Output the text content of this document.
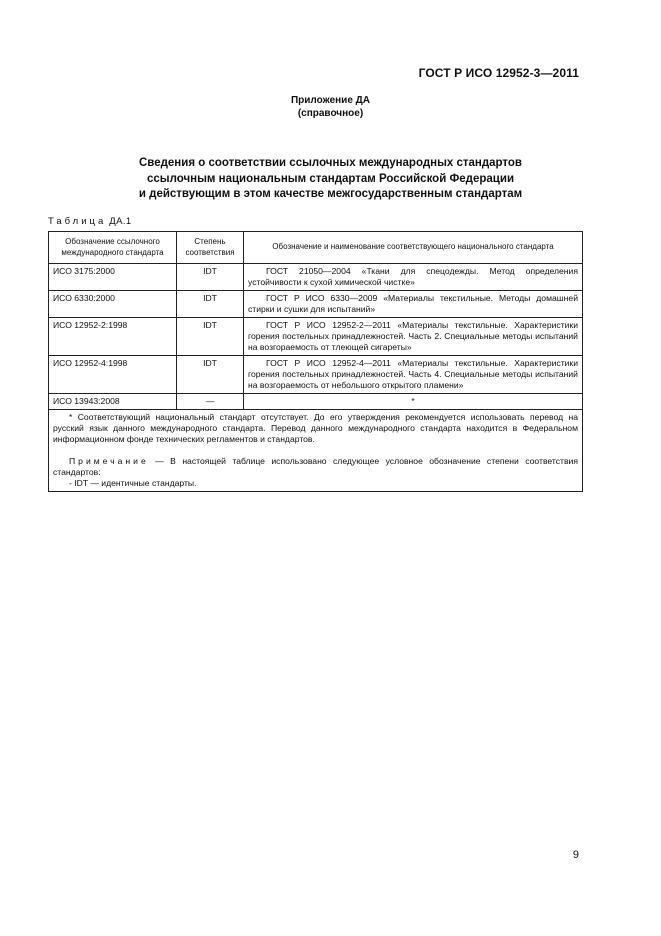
ГОСТ Р ИСО 12952-3—2011
Приложение ДА
(справочное)
Сведения о соответствии ссылочных международных стандартов
ссылочным национальным стандартам Российской Федерации
и действующим в этом качестве межгосударственным стандартам
Таблица ДА.1
Обозначение ссылочного международного стандарта	Степень соответствия	Обозначение и наименование соответствующего национального стандарта
ИСО 3175:2000	IDT	ГОСТ 21050—2004 «Ткани для спецодежды. Метод определения устойчивости к сухой химической чистке»
ИСО 6330:2000	IDT	ГОСТ Р ИСО 6330—2009 «Материалы текстильные. Методы домашней стирки и сушки для испытаний»
ИСО 12952-2:1998	IDT	ГОСТ Р ИСО 12952-2—2011 «Материалы текстильные. Характеристики горения постельных принадлежностей. Часть 2. Специальные методы испытаний на возгораемость от тлеющей сигареты»
ИСО 12952-4:1998	IDT	ГОСТ Р ИСО 12952-4—2011 «Материалы текстильные. Характеристики горения постельных принадлежностей. Часть 4. Специальные методы испытаний на возгораемость от небольшого открытого пламени»
ИСО 13943:2008	—	*

* Соответствующий национальный стандарт отсутствует. До его утверждения рекомендуется использовать перевод на русский язык данного международного стандарта. Перевод данного международного стандарта находится в Федеральном информационном фонде технических регламентов и стандартов.
Примечание — В настоящей таблице использовано следующее условное обозначение степени соответствия стандартов:
- IDT — идентичные стандарты.		
9
